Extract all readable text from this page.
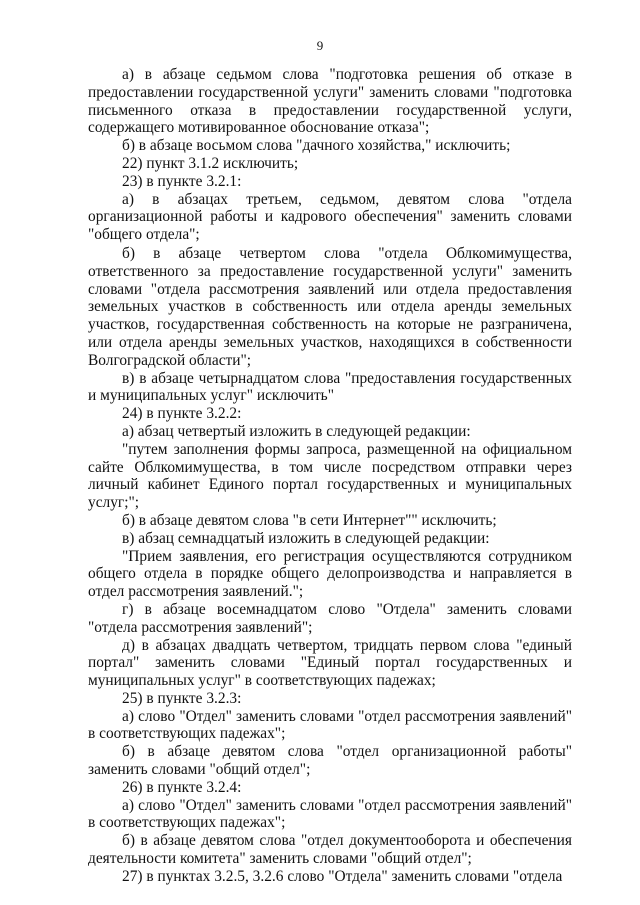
9

а) в абзаце седьмом слова "подготовка решения об отказе в предоставлении государственной услуги" заменить словами "подготовка письменного отказа в предоставлении государственной услуги, содержащего мотивированное обоснование отказа";

б) в абзаце восьмом слова "дачного хозяйства," исключить;

22) пункт 3.1.2 исключить;

23) в пункте 3.2.1:

а) в абзацах третьем, седьмом, девятом слова "отдела организационной работы и кадрового обеспечения" заменить словами "общего отдела";

б) в абзаце четвертом слова "отдела Облкомимущества, ответственного за предоставление государственной услуги" заменить словами "отдела рассмотрения заявлений или отдела предоставления земельных участков в собственность или отдела аренды земельных участков, государственная собственность на которые не разграничена, или отдела аренды земельных участков, находящихся в собственности Волгоградской области";

в) в абзаце четырнадцатом слова "предоставления государственных и муниципальных услуг" исключить"

24) в пункте 3.2.2:

а) абзац четвертый изложить в следующей редакции:

"путем заполнения формы запроса, размещенной на официальном сайте Облкомимущества, в том числе посредством отправки через личный кабинет Единого портал государственных и муниципальных услуг;";

б) в абзаце девятом слова "в сети Интернет"" исключить;

в) абзац семнадцатый изложить в следующей редакции:

"Прием заявления, его регистрация осуществляются сотрудником общего отдела в порядке общего делопроизводства и направляется в отдел рассмотрения заявлений.";

г) в абзаце восемнадцатом слово "Отдела" заменить словами "отдела рассмотрения заявлений";

д) в абзацах двадцать четвертом, тридцать первом слова "единый портал" заменить словами "Единый портал государственных и муниципальных услуг" в соответствующих падежах;

25) в пункте 3.2.3:

а) слово "Отдел" заменить словами "отдел рассмотрения заявлений" в соответствующих падежах";

б) в абзаце девятом слова "отдел организационной работы" заменить словами "общий отдел";

26) в пункте 3.2.4:

а) слово "Отдел" заменить словами "отдел рассмотрения заявлений" в соответствующих падежах";

б) в абзаце девятом слова "отдел документооборота и обеспечения деятельности комитета" заменить словами "общий отдел";

27) в пунктах 3.2.5, 3.2.6 слово "Отдела" заменить словами "отдела
